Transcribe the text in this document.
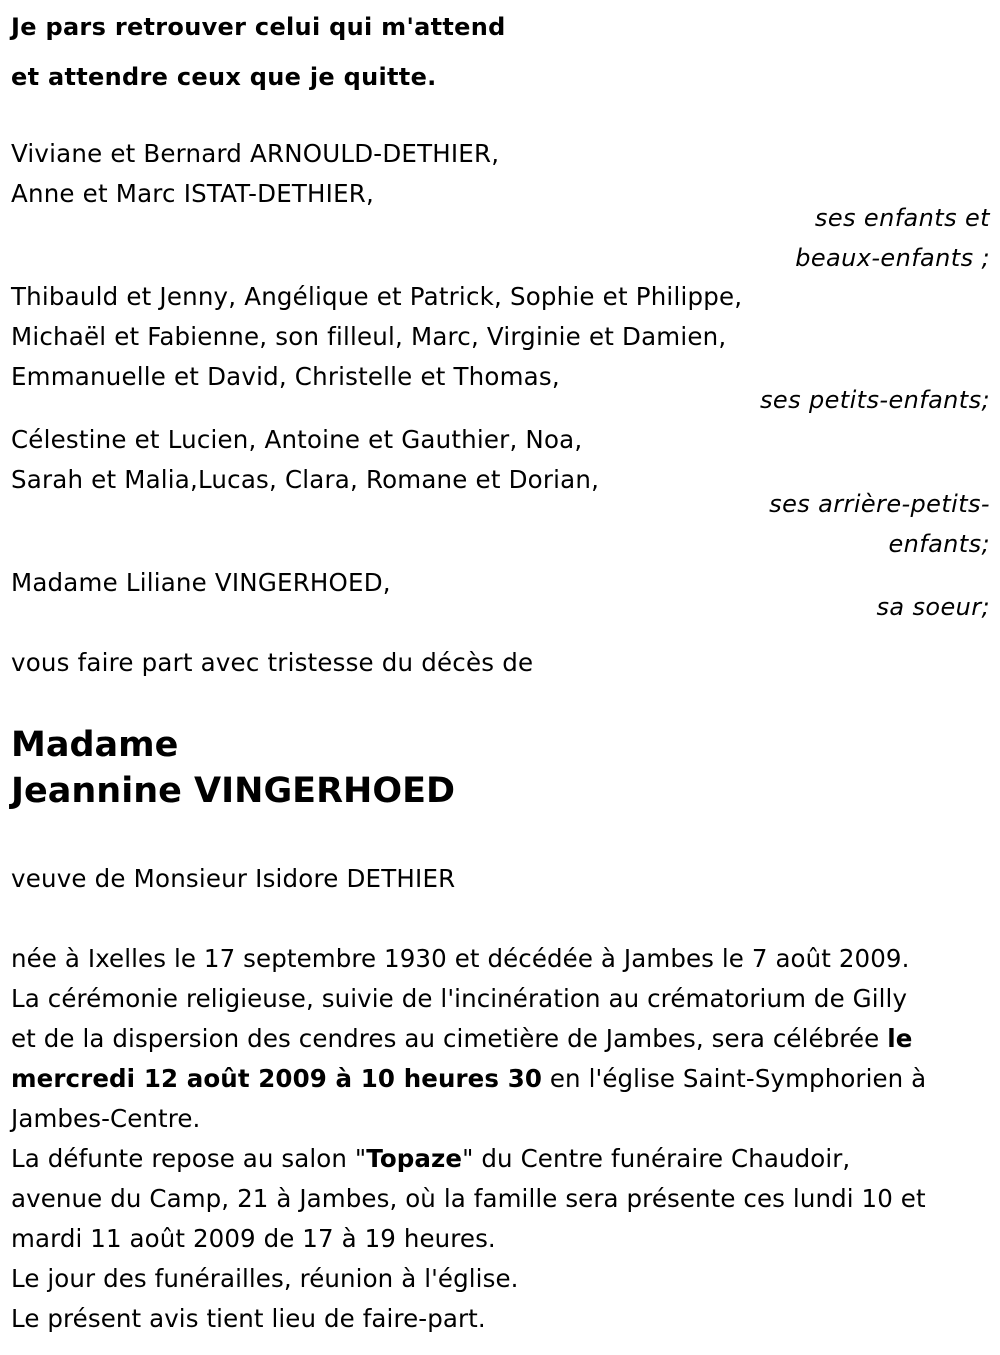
Je pars retrouver celui qui m'attend
et attendre ceux que je quitte.
Viviane et Bernard ARNOULD-DETHIER,
Anne et Marc ISTAT-DETHIER,
ses enfants et
beaux-enfants ;
Thibauld et Jenny, Angélique et Patrick, Sophie et Philippe,
Michaël et Fabienne, son filleul, Marc, Virginie et Damien,
Emmanuelle et David, Christelle et Thomas,
ses petits-enfants;
Célestine et Lucien, Antoine et Gauthier, Noa,
Sarah et Malia,Lucas, Clara, Romane et Dorian,
ses arrière-petits-
enfants;
Madame Liliane VINGERHOED,
sa soeur;
vous faire part avec tristesse du décès de
Madame
Jeannine VINGERHOED
veuve de Monsieur Isidore DETHIER
née à Ixelles le 17 septembre 1930 et décédée à Jambes le 7 août 2009.
La cérémonie religieuse, suivie de l'incinération au crématorium de Gilly
et de la dispersion des cendres au cimetière de Jambes, sera célébrée le
mercredi 12 août 2009 à 10 heures 30 en l'église Saint-Symphorien à
Jambes-Centre.
La défunte repose au salon "Topaze" du Centre funéraire Chaudoir,
avenue du Camp, 21 à Jambes, où la famille sera présente ces lundi 10 et
mardi 11 août 2009 de 17 à 19 heures.
Le jour des funérailles, réunion à l'église.
Le présent avis tient lieu de faire-part.
